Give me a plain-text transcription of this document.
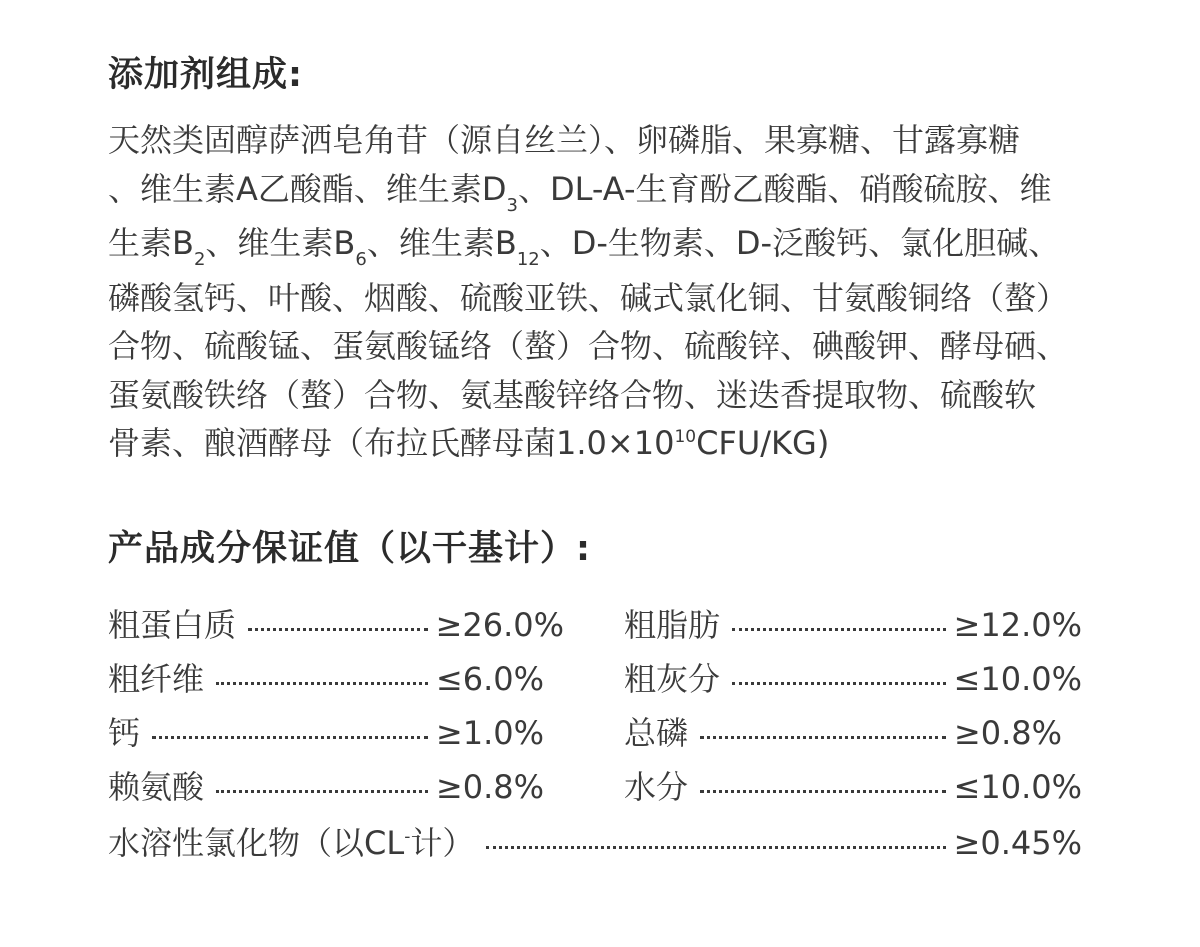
添加剂组成:
天然类固醇萨洒皂角苷（源自丝兰）、卵磷脂、果寡糖、甘露寡糖
、维生素A乙酸酯、维生素$D_3$、DL-A-生育酚乙酸酯、硝酸硫胺、维
生素$B_2$、维生素$B_6$、维生素$B_{12}$、D-生物素、D-泛酸钙、氯化胆碱、
磷酸氢钙、叶酸、烟酸、硫酸亚铁、碱式氯化铜、甘氨酸铜络（螯）
合物、硫酸锰、蛋氨酸锰络（螯）合物、硫酸锌、碘酸钾、酵母硒、
蛋氨酸铁络（螯）合物、氨基酸锌络合物、迷迭香提取物、硫酸软
骨素、酿酒酵母（布拉氏酵母菌$1.0\times 10^{10}CFU/KG$)
产品成分保证值（以干基计）:
粗蛋白质	≥26.0% 粗脂肪	≥12.0%
粗纤维	≤6.0%	粗灰分	≤10.0%
钙	≥1.0%	总磷	≥0.8%
赖氨酸	≥0.8%	水分	≤10.0%
水溶性氯化物（以CL-计）	≥0.45%
